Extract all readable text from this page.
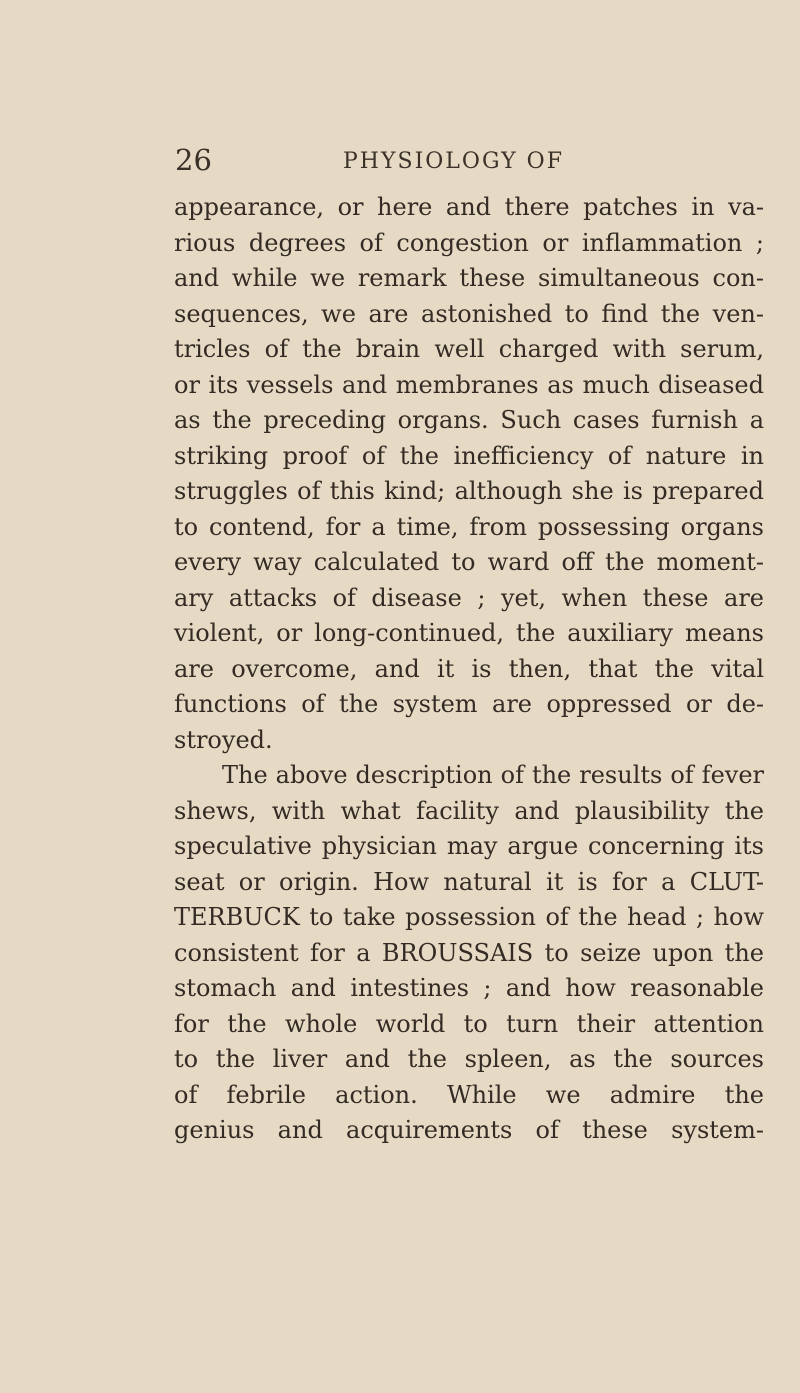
26	PHYSIOLOGY OF
appearance, or here and there patches in va-
rious degrees of congestion or inflammation ;
and while we remark these simultaneous con-
sequences, we are astonished to find the ven-
tricles of the brain well charged with serum,
or its vessels and membranes as much diseased
as the preceding organs. Such cases furnish a
striking proof of the inefficiency of nature in
struggles of this kind; although she is prepared
to contend, for a time, from possessing organs
every way calculated to ward off the moment-
ary attacks of disease ; yet, when these are
violent, or long-continued, the auxiliary means
are overcome, and it is then, that the vital
functions of the system are oppressed or de-
stroyed.
The above description of the results of fever
shews, with what facility and plausibility the
speculative physician may argue concerning its
seat or origin. How natural it is for a CLUT-
TERBUCK to take possession of the head ; how
consistent for a BROUSSAIS to seize upon the
stomach and intestines ; and how reasonable
for the whole world to turn their attention
to the liver and the spleen, as the sources
of febrile action. While we admire the
genius and acquirements of these system-
